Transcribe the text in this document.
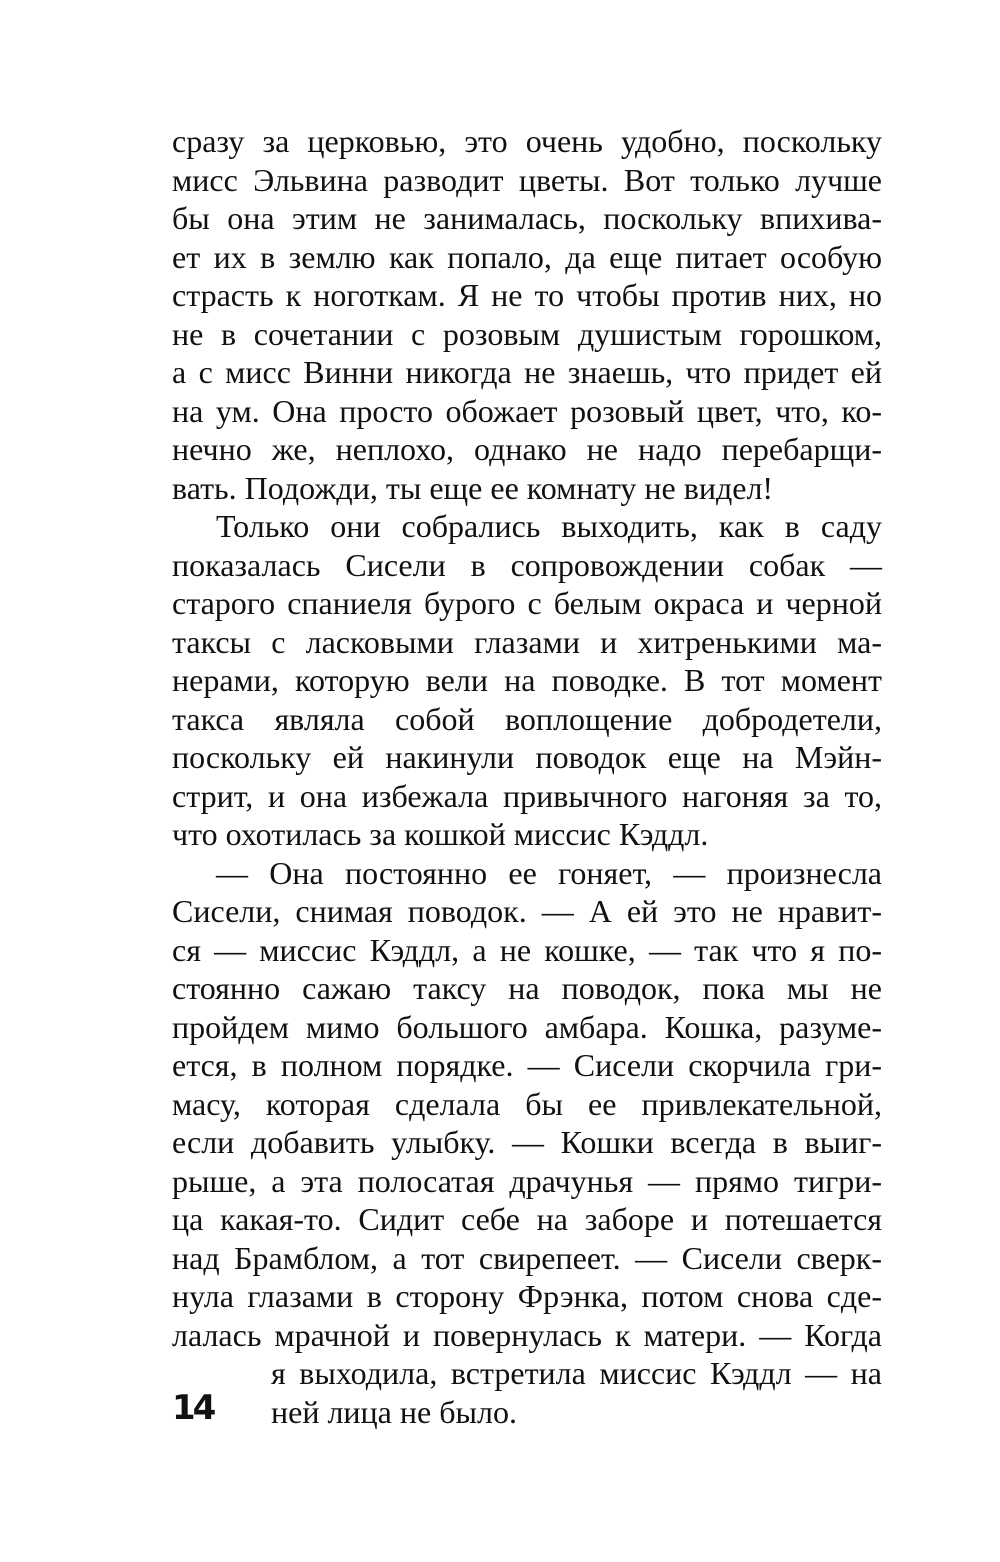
сразу за церковью, это очень удобно, поскольку
мисс Эльвина разводит цветы. Вот только лучше
бы она этим не занималась, поскольку впихива-
ет их в землю как попало, да еще питает особую
страсть к ноготкам. Я не то чтобы против них, но
не в сочетании с розовым душистым горошком,
а с мисс Винни никогда не знаешь, что придет ей
на ум. Она просто обожает розовый цвет, что, ко-
нечно же, неплохо, однако не надо перебарщи-
вать. Подожди, ты еще ее комнату не видел!
Только они собрались выходить, как в саду
показалась Сисели в сопровождении собак —
старого спаниеля бурого с белым окраса и черной
таксы с ласковыми глазами и хитренькими ма-
нерами, которую вели на поводке. В тот момент
такса являла собой воплощение добродетели,
поскольку ей накинули поводок еще на Мэйн-
стрит, и она избежала привычного нагоняя за то,
что охотилась за кошкой миссис Кэддл.
— Она постоянно ее гоняет, — произнесла
Сисели, снимая поводок. — А ей это не нравит-
ся — миссис Кэддл, а не кошке, — так что я по-
стоянно сажаю таксу на поводок, пока мы не
пройдем мимо большого амбара. Кошка, разуме-
ется, в полном порядке. — Сисели скорчила гри-
масу, которая сделала бы ее привлекательной,
если добавить улыбку. — Кошки всегда в выиг-
рыше, а эта полосатая драчунья — прямо тигри-
ца какая-то. Сидит себе на заборе и потешается
над Брамблом, а тот свирепеет. — Сисели сверк-
нула глазами в сторону Фрэнка, потом снова сде-
лалась мрачной и повернулась к матери. — Когда
я выходила, встретила миссис Кэддл — на
ней лица не было.
14
